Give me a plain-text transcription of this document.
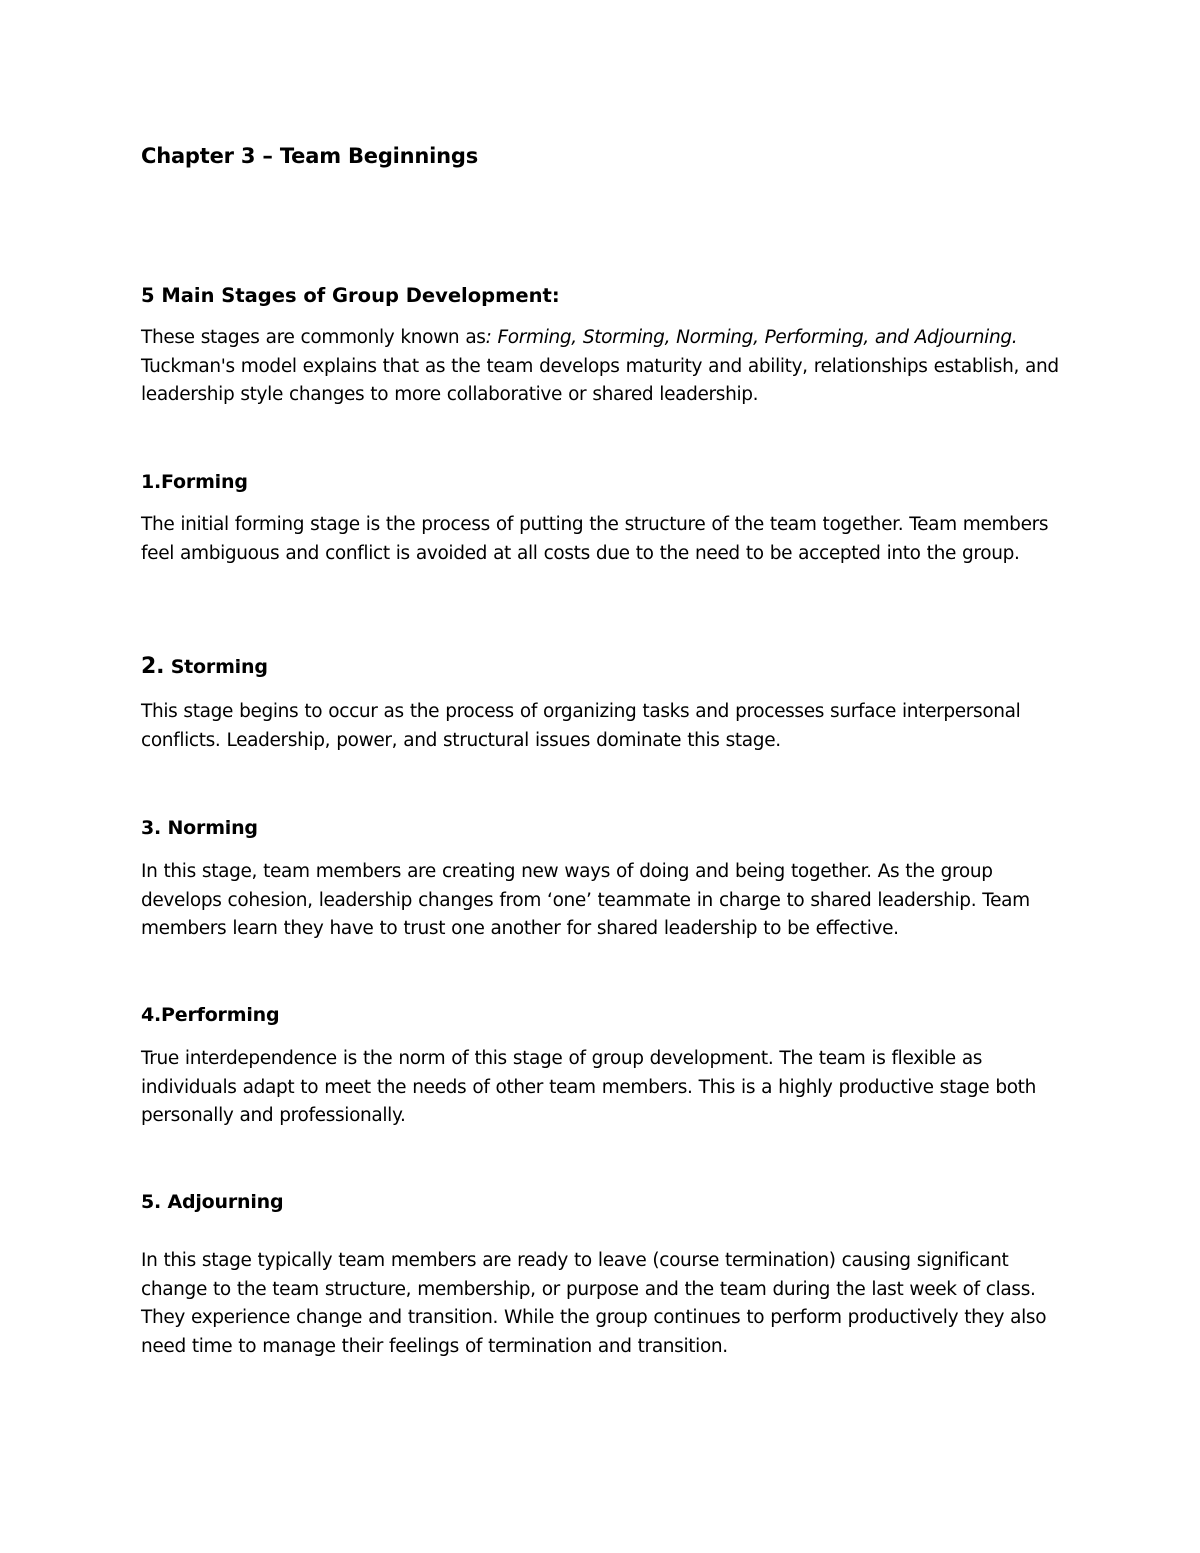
Chapter 3 – Team Beginnings
5 Main Stages of Group Development:

These stages are commonly known as: Forming, Storming, Norming, Performing, and Adjourning. Tuckman's model explains that as the team develops maturity and ability, relationships establish, and leadership style changes to more collaborative or shared leadership.

1.Forming

The initial forming stage is the process of putting the structure of the team together. Team members feel ambiguous and conflict is avoided at all costs due to the need to be accepted into the group.

2. Storming

This stage begins to occur as the process of organizing tasks and processes surface interpersonal conflicts. Leadership, power, and structural issues dominate this stage.

3. Norming

In this stage, team members are creating new ways of doing and being together. As the group develops cohesion, leadership changes from ‘one’ teammate in charge to shared leadership. Team members learn they have to trust one another for shared leadership to be effective.

4.Performing

True interdependence is the norm of this stage of group development. The team is flexible as individuals adapt to meet the needs of other team members. This is a highly productive stage both personally and professionally.

5. Adjourning

In this stage typically team members are ready to leave (course termination) causing significant change to the team structure, membership, or purpose and the team during the last week of class. They experience change and transition. While the group continues to perform productively they also need time to manage their feelings of termination and transition.
